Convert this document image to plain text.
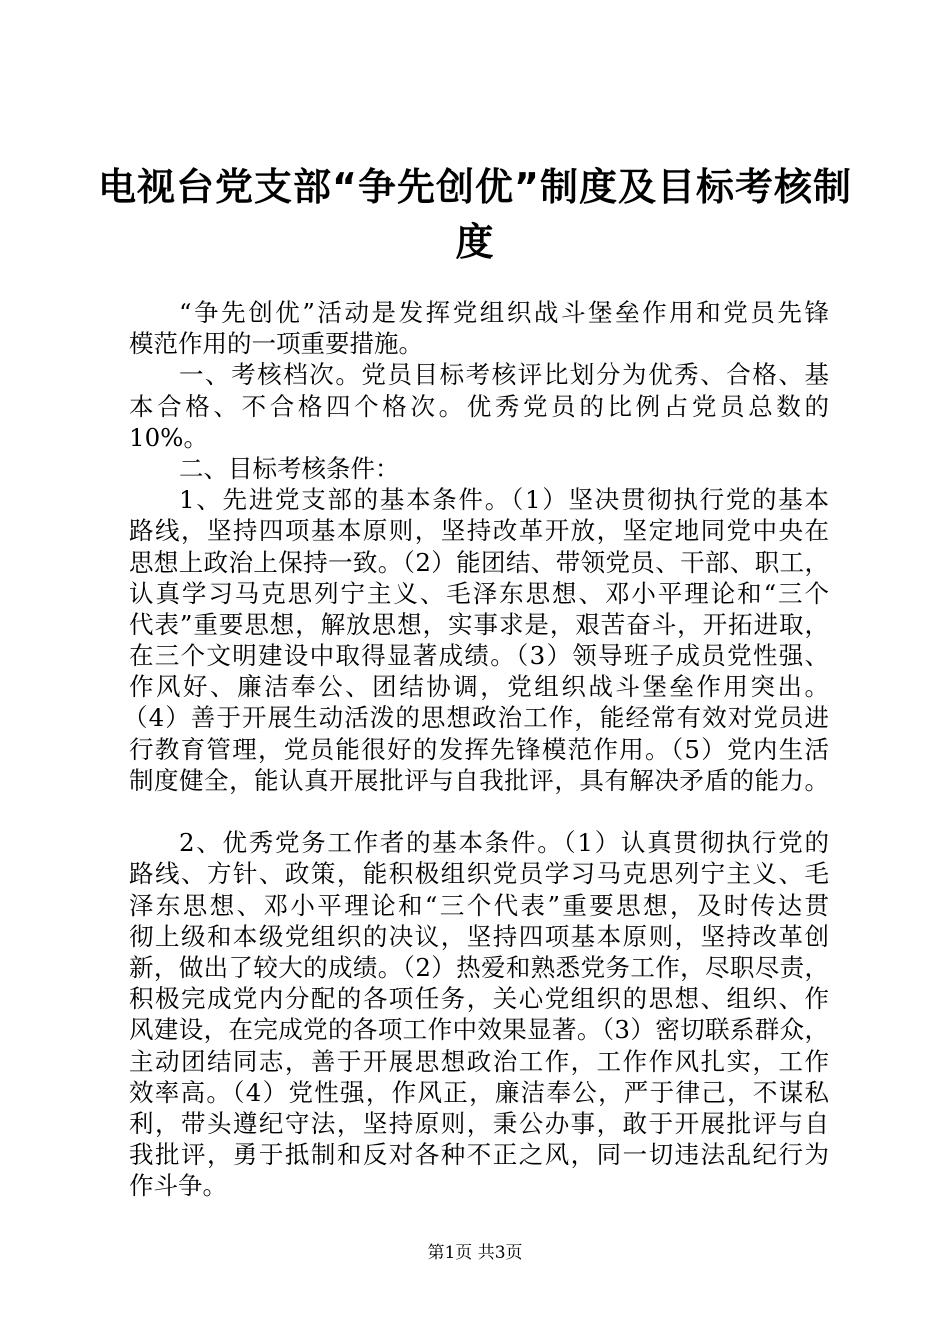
电视台党支部“争先创优”制度及目标考核制
度
“争先创优”活动是发挥党组织战斗堡垒作用和党员先锋
模范作用的一项重要措施。
一、考核档次。党员目标考核评比划分为优秀、合格、基
本合格、不合格四个格次。优秀党员的比例占党员总数的
10%。
二、目标考核条件：
1、先进党支部的基本条件。（1）坚决贯彻执行党的基本
路线，坚持四项基本原则，坚持改革开放，坚定地同党中央在
思想上政治上保持一致。（2）能团结、带领党员、干部、职工，
认真学习马克思列宁主义、毛泽东思想、邓小平理论和“三个
代表”重要思想，解放思想，实事求是，艰苦奋斗，开拓进取，
在三个文明建设中取得显著成绩。（3）领导班子成员党性强、
作风好、廉洁奉公、团结协调，党组织战斗堡垒作用突出。
（4）善于开展生动活泼的思想政治工作，能经常有效对党员进
行教育管理，党员能很好的发挥先锋模范作用。（5）党内生活
制度健全，能认真开展批评与自我批评，具有解决矛盾的能力。
2、优秀党务工作者的基本条件。（1）认真贯彻执行党的
路线、方针、政策，能积极组织党员学习马克思列宁主义、毛
泽东思想、邓小平理论和“三个代表”重要思想，及时传达贯
彻上级和本级党组织的决议，坚持四项基本原则，坚持改革创
新，做出了较大的成绩。（2）热爱和熟悉党务工作，尽职尽责，
积极完成党内分配的各项任务，关心党组织的思想、组织、作
风建设，在完成党的各项工作中效果显著。（3）密切联系群众，
主动团结同志，善于开展思想政治工作，工作作风扎实，工作
效率高。（4）党性强，作风正，廉洁奉公，严于律己，不谋私
利，带头遵纪守法，坚持原则，秉公办事，敢于开展批评与自
我批评，勇于抵制和反对各种不正之风，同一切违法乱纪行为
作斗争。
第1页 共3页
